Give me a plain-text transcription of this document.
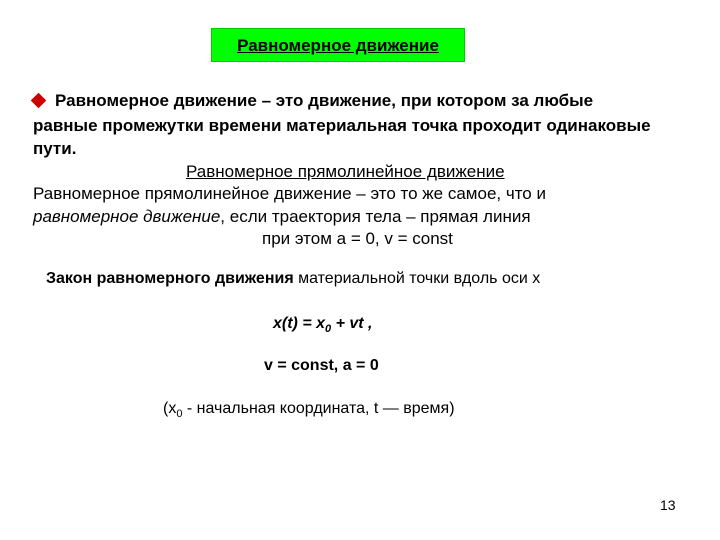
Равномерное движение
Равномерное движение – это движение, при котором за любые
равные промежутки времени материальная точка проходит одинаковые
пути.
Равномерное прямолинейное движение
Равномерное прямолинейное движение – это то же самое, что и
равномерное движение, если траектория тела – прямая линия
при этом a = 0, v = const
Закон равномерного движения материальной точки вдоль оси x
$x(t) = x_0$ + vt ,
v = const, a = 0
($x_0$ - начальная координата, t — время)
13
